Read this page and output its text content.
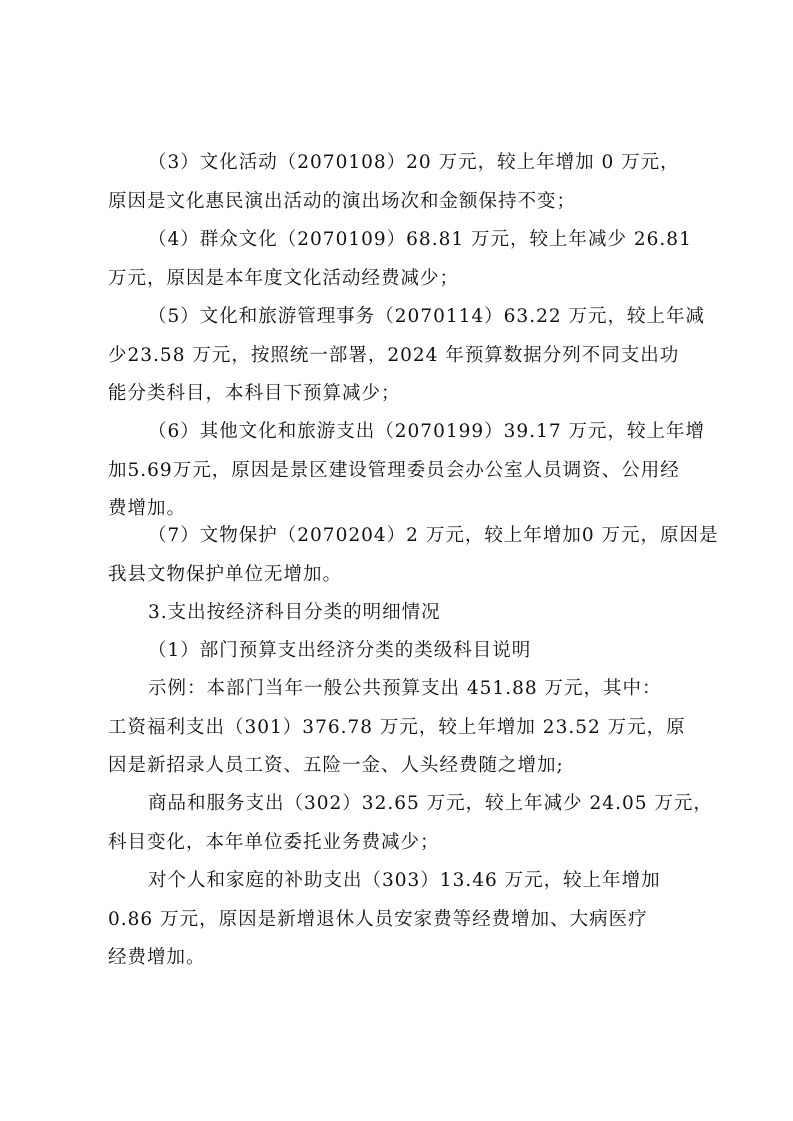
（3）文化活动（2070108）20 万元，较上年增加 0 万元，
原因是文化惠民演出活动的演出场次和金额保持不变；
（4）群众文化（2070109）68.81 万元，较上年减少 26.81
万元，原因是本年度文化活动经费减少；
（5）文化和旅游管理事务（2070114）63.22 万元，较上年减
少23.58 万元，按照统一部署，2024 年预算数据分列不同支出功
能分类科目，本科目下预算减少；
（6）其他文化和旅游支出（2070199）39.17 万元，较上年增
加5.69万元，原因是景区建设管理委员会办公室人员调资、公用经
费增加。
（7）文物保护（2070204）2 万元，较上年增加0 万元，原因是
我县文物保护单位无增加。
3.支出按经济科目分类的明细情况
（1）部门预算支出经济分类的类级科目说明
示例：本部门当年一般公共预算支出 451.88 万元，其中：
工资福利支出（301）376.78 万元，较上年增加 23.52 万元，原
因是新招录人员工资、五险一金、人头经费随之增加;
商品和服务支出（302）32.65 万元，较上年减少 24.05 万元，
科目变化，本年单位委托业务费减少；
对个人和家庭的补助支出（303）13.46 万元，较上年增加
0.86 万元，原因是新增退休人员安家费等经费增加、大病医疗
经费增加。
